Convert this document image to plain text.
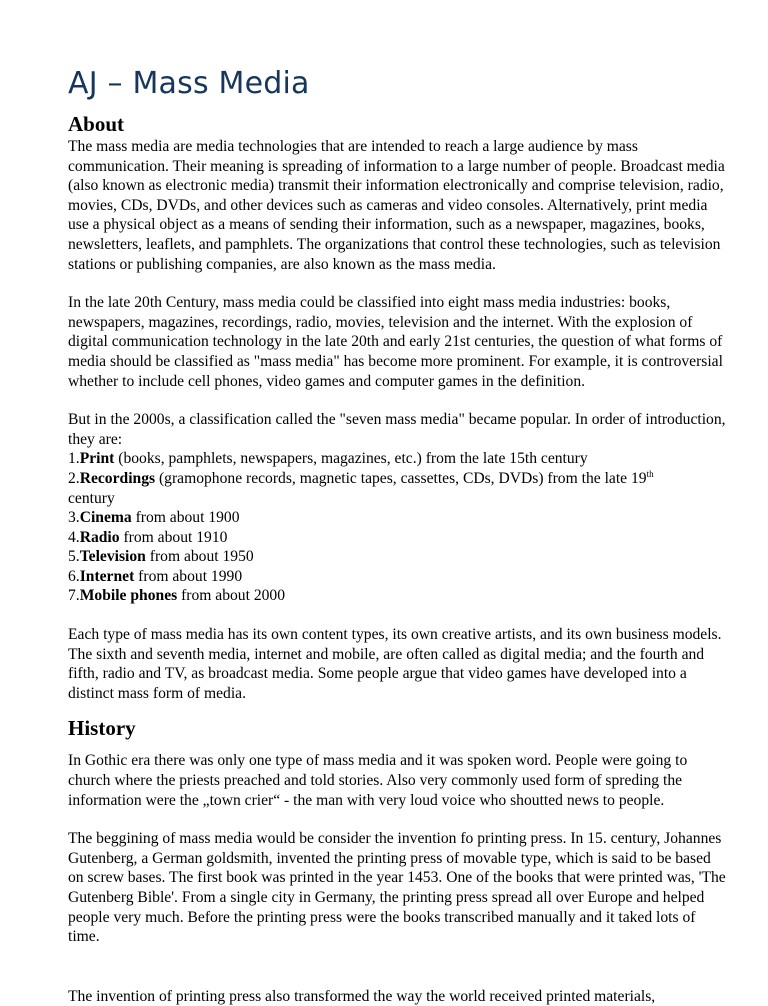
AJ – Mass Media
About

The mass media are media technologies that are intended to reach a large audience by mass communication. Their meaning is spreading of information to a large number of people. Broadcast media (also known as electronic media) transmit their information electronically and comprise television, radio, movies, CDs, DVDs, and other devices such as cameras and video consoles. Alternatively, print media use a physical object as a means of sending their information, such as a newspaper, magazines, books, newsletters, leaflets, and pamphlets. The organizations that control these technologies, such as television stations or publishing companies, are also known as the mass media.

In the late 20th Century, mass media could be classified into eight mass media industries: books, newspapers, magazines, recordings, radio, movies, television and the internet. With the explosion of digital communication technology in the late 20th and early 21st centuries, the question of what forms of media should be classified as "mass media" has become more prominent. For example, it is controversial whether to include cell phones, video games and computer games in the definition.

But in the 2000s, a classification called the "seven mass media" became popular. In order of introduction, they are:

1.Print (books, pamphlets, newspapers, magazines, etc.) from the late 15th century

2.Recordings (gramophone records, magnetic tapes, cassettes, CDs, DVDs) from the late 19th
century

3.Cinema from about 1900

4.Radio from about 1910

5.Television from about 1950

6.Internet from about 1990

7.Mobile phones from about 2000

Each type of mass media has its own content types, its own creative artists, and its own business models.

The sixth and seventh media, internet and mobile, are often called as digital media; and the fourth and fifth, radio and TV, as broadcast media. Some people argue that video games have developed into a distinct mass form of media.

History

In Gothic era there was only one type of mass media and it was spoken word. People were going to church where the priests preached and told stories. Also very commonly used form of spreding the information were the „town crier“ - the man with very loud voice who shoutted news to people.

The beggining of mass media would be consider the invention fo printing press. In 15. century, Johannes Gutenberg, a German goldsmith, invented the printing press of movable type, which is said to be based on screw bases. The first book was printed in the year 1453. One of the books that were printed was, 'The Gutenberg Bible'. From a single city in Germany, the printing press spread all over Europe and helped people very much. Before the printing press were the books transcribed manually and it taked lots of time.

The invention of printing press also transformed the way the world received printed materials,
